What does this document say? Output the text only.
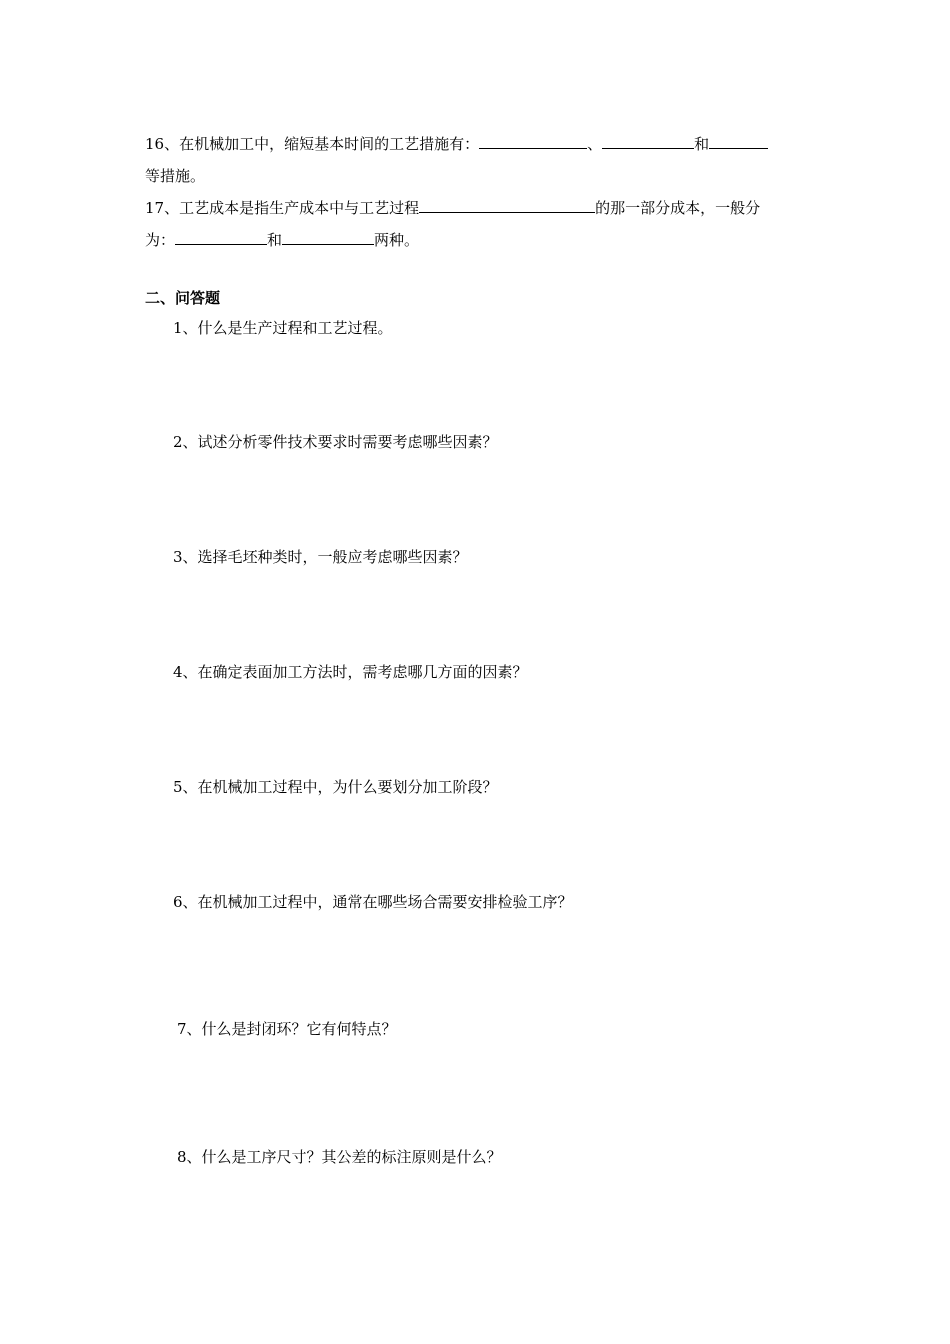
16、在机械加工中，缩短基本时间的工艺措施有：	、	和
等措施。
17、工艺成本是指生产成本中与工艺过程	的那一部分成本，一般分
为：	和	两种。
二、问答题
1、什么是生产过程和工艺过程。
2、试述分析零件技术要求时需要考虑哪些因素？
3、选择毛坯种类时，一般应考虑哪些因素？
4、在确定表面加工方法时，需考虑哪几方面的因素？
5、在机械加工过程中，为什么要划分加工阶段？
6、在机械加工过程中，通常在哪些场合需要安排检验工序？
7、什么是封闭环？它有何特点？
8、什么是工序尺寸？其公差的标注原则是什么？
